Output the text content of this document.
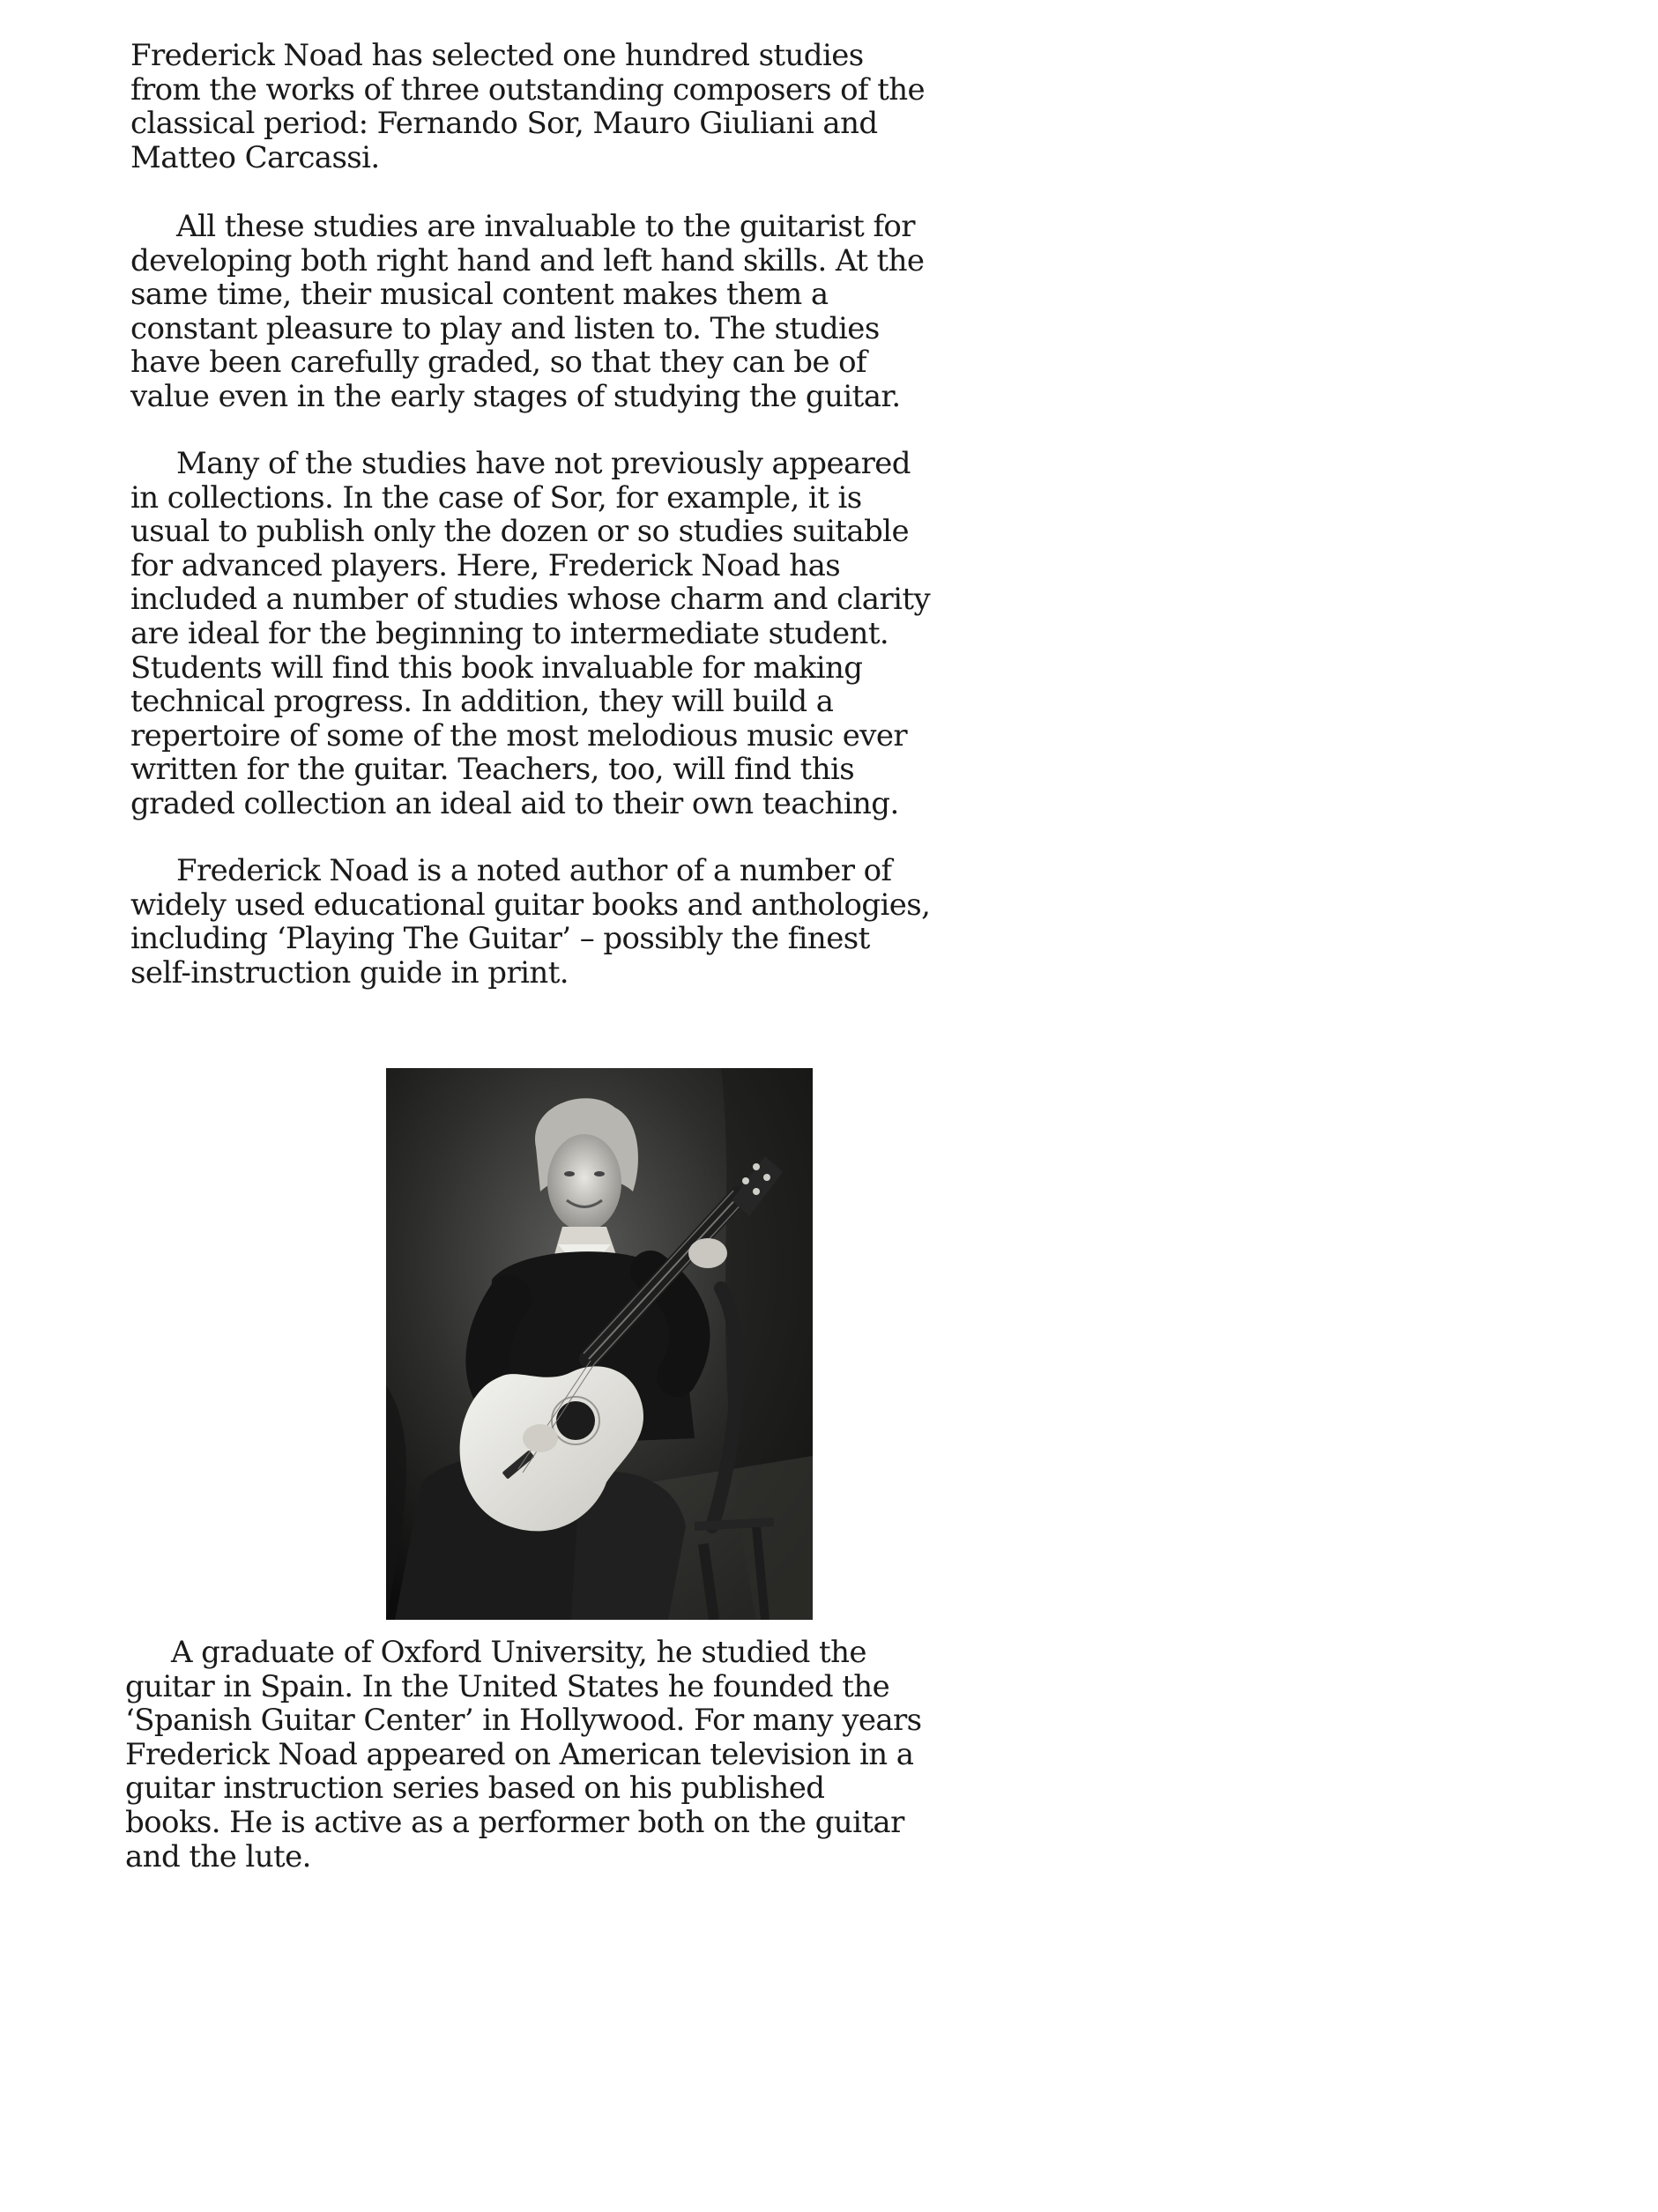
Frederick Noad has selected one hundred studies
from the works of three outstanding composers of the
classical period: Fernando Sor, Mauro Giuliani and
Matteo Carcassi.

All these studies are invaluable to the guitarist for
developing both right hand and left hand skills. At the
same time, their musical content makes them a
constant pleasure to play and listen to. The studies
have been carefully graded, so that they can be of
value even in the early stages of studying the guitar.

Many of the studies have not previously appeared
in collections. In the case of Sor, for example, it is
usual to publish only the dozen or so studies suitable
for advanced players. Here, Frederick Noad has
included a number of studies whose charm and clarity
are ideal for the beginning to intermediate student.
Students will find this book invaluable for making
technical progress. In addition, they will build a
repertoire of some of the most melodious music ever
written for the guitar. Teachers, too, will find this
graded collection an ideal aid to their own teaching.

Frederick Noad is a noted author of a number of
widely used educational guitar books and anthologies,
including ‘Playing The Guitar’ – possibly the finest
self-instruction guide in print.

A graduate of Oxford University, he studied the
guitar in Spain. In the United States he founded the
‘Spanish Guitar Center’ in Hollywood. For many years
Frederick Noad appeared on American television in a
guitar instruction series based on his published
books. He is active as a performer both on the guitar
and the lute.
